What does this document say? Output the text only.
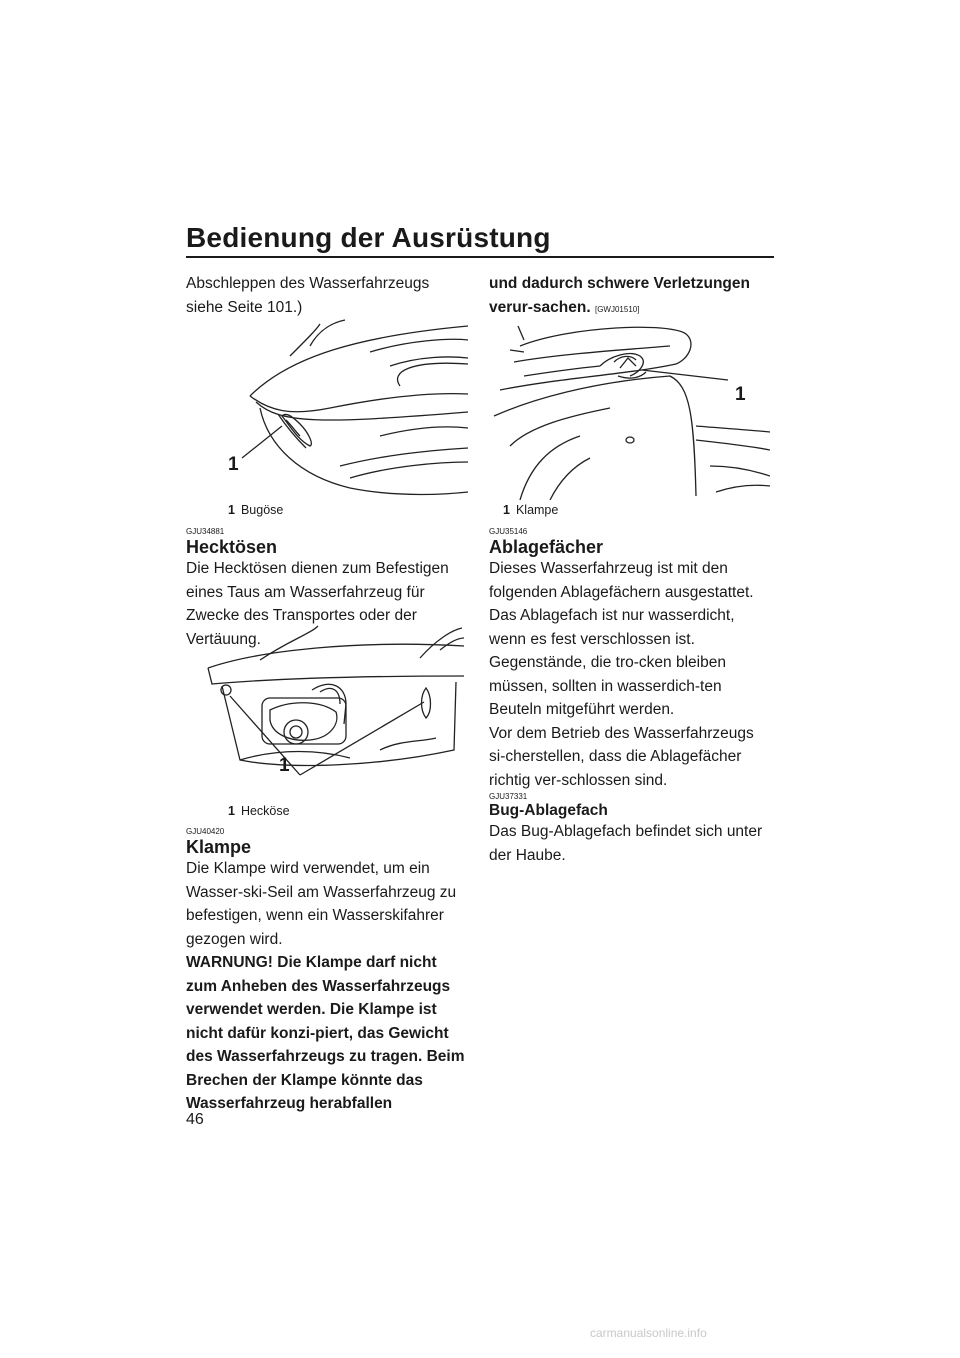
Bedienung der Ausrüstung

Abschleppen des Wasserfahrzeugs siehe Seite 101.)

1
1 Bugöse

GJU34881

Hecktösen

Die Hecktösen dienen zum Befestigen eines Taus am Wasserfahrzeug für Zwecke des Transportes oder der Vertäuung.

1
1 Hecköse

GJU40420

Klampe

Die Klampe wird verwendet, um ein Wasser-ski-Seil am Wasserfahrzeug zu befestigen, wenn ein Wasserskifahrer gezogen wird.

WARNUNG! Die Klampe darf nicht zum Anheben des Wasserfahrzeugs verwendet werden. Die Klampe ist nicht dafür konzi-piert, das Gewicht des Wasserfahrzeugs zu tragen. Beim Brechen der Klampe könnte das Wasserfahrzeug herabfallen

und dadurch schwere Verletzungen verur-sachen. [GWJ01510]

1
1 Klampe

GJU35146

Ablagefächer

Dieses Wasserfahrzeug ist mit den folgenden Ablagefächern ausgestattet.

Das Ablagefach ist nur wasserdicht, wenn es fest verschlossen ist. Gegenstände, die tro-cken bleiben müssen, sollten in wasserdich-ten Beuteln mitgeführt werden.

Vor dem Betrieb des Wasserfahrzeugs si-cherstellen, dass die Ablagefächer richtig ver-schlossen sind.

GJU37331

Bug-Ablagefach

Das Bug-Ablagefach befindet sich unter der Haube.

46
carmanualsonline.info
